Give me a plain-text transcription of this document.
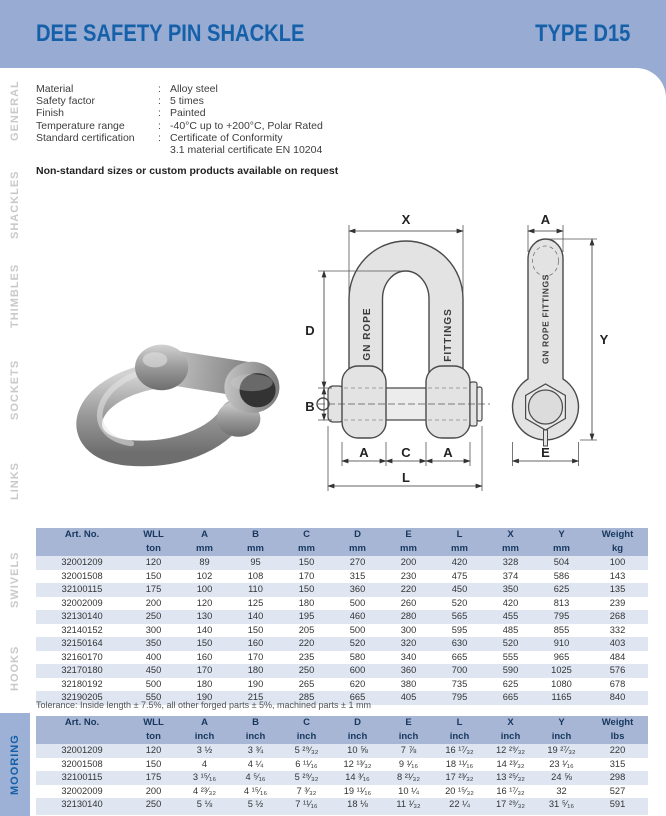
DEE SAFETY PIN SHACKLE	TYPE D15
GENERAL
SHACKLES
THIMBLES
SOCKETS
LINKS
SWIVELS
HOOKS
MOORING
Material	: Alloy steel
Safety factor	: 5 times
Finish	: Painted
Temperature range	: -40°C up to +200°C, Polar Rated
Standard certification	: Certificate of Conformity
3.1 material certificate EN 10204
Non-standard sizes or custom products available on request
GN ROPE	FITTINGS
X
D
B
A	C	A
L
GN ROPE FITTINGS
A
Y
E
Art. No.	WLL	A	B	C	D	E	L	X	Y	Weight
	ton	mm	mm	mm	mm	mm	mm	mm	mm	kg
32001209	120	89	95	150	270	200	420	328	504	100
32001508	150	102	108	170	315	230	475	374	586	143
32100115	175	100	110	150	360	220	450	350	625	135
32002009	200	120	125	180	500	260	520	420	813	239
32130140	250	130	140	195	460	280	565	455	795	268
32140152	300	140	150	205	500	300	595	485	855	332
32150164	350	150	160	220	520	320	630	520	910	403
32160170	400	160	170	235	580	340	665	555	965	484
32170180	450	170	180	250	600	360	700	590	1025	576
32180192	500	180	190	265	620	380	735	625	1080	678
32190205	550	190	215	285	665	405	795	665	1165	840
Tolerance: Inside length ± 7.5%, all other forged parts ± 5%, machined parts ± 1 mm
Art. No.	WLL	A	B	C	D	E	L	X	Y	Weight
	ton	inch	inch	inch	inch	inch	inch	inch	inch	lbs
32001209	120	3 ½	3 ¾	5 ²⁹⁄₃₂	10 ⅝	7 ⅞	16 ¹⁷⁄₃₂	12 ²⁹⁄₃₂	19 ²⁷⁄₃₂	220
32001508	150	4	4 ¼	6 ¹¹⁄₁₆	12 ¹³⁄₃₂	9 ¹⁄₁₆	18 ¹¹⁄₁₆	14 ²³⁄₃₂	23 ¹⁄₁₆	315
32100115	175	3 ¹⁵⁄₁₆	4 ⁵⁄₁₆	5 ²⁹⁄₃₂	14 ³⁄₁₆	8 ²¹⁄₃₂	17 ²³⁄₃₂	13 ²⁵⁄₃₂	24 ⅝	298
32002009	200	4 ²³⁄₃₂	4 ¹⁵⁄₁₆	7 ³⁄₃₂	19 ¹¹⁄₁₆	10 ¼	20 ¹⁵⁄₃₂	16 ¹⁷⁄₃₂	32	527
32130140	250	5 ⅛	5 ½	7 ¹¹⁄₁₆	18 ⅛	11 ¹⁄₃₂	22 ¼	17 ²⁹⁄₃₂	31 ⁵⁄₁₆	591
